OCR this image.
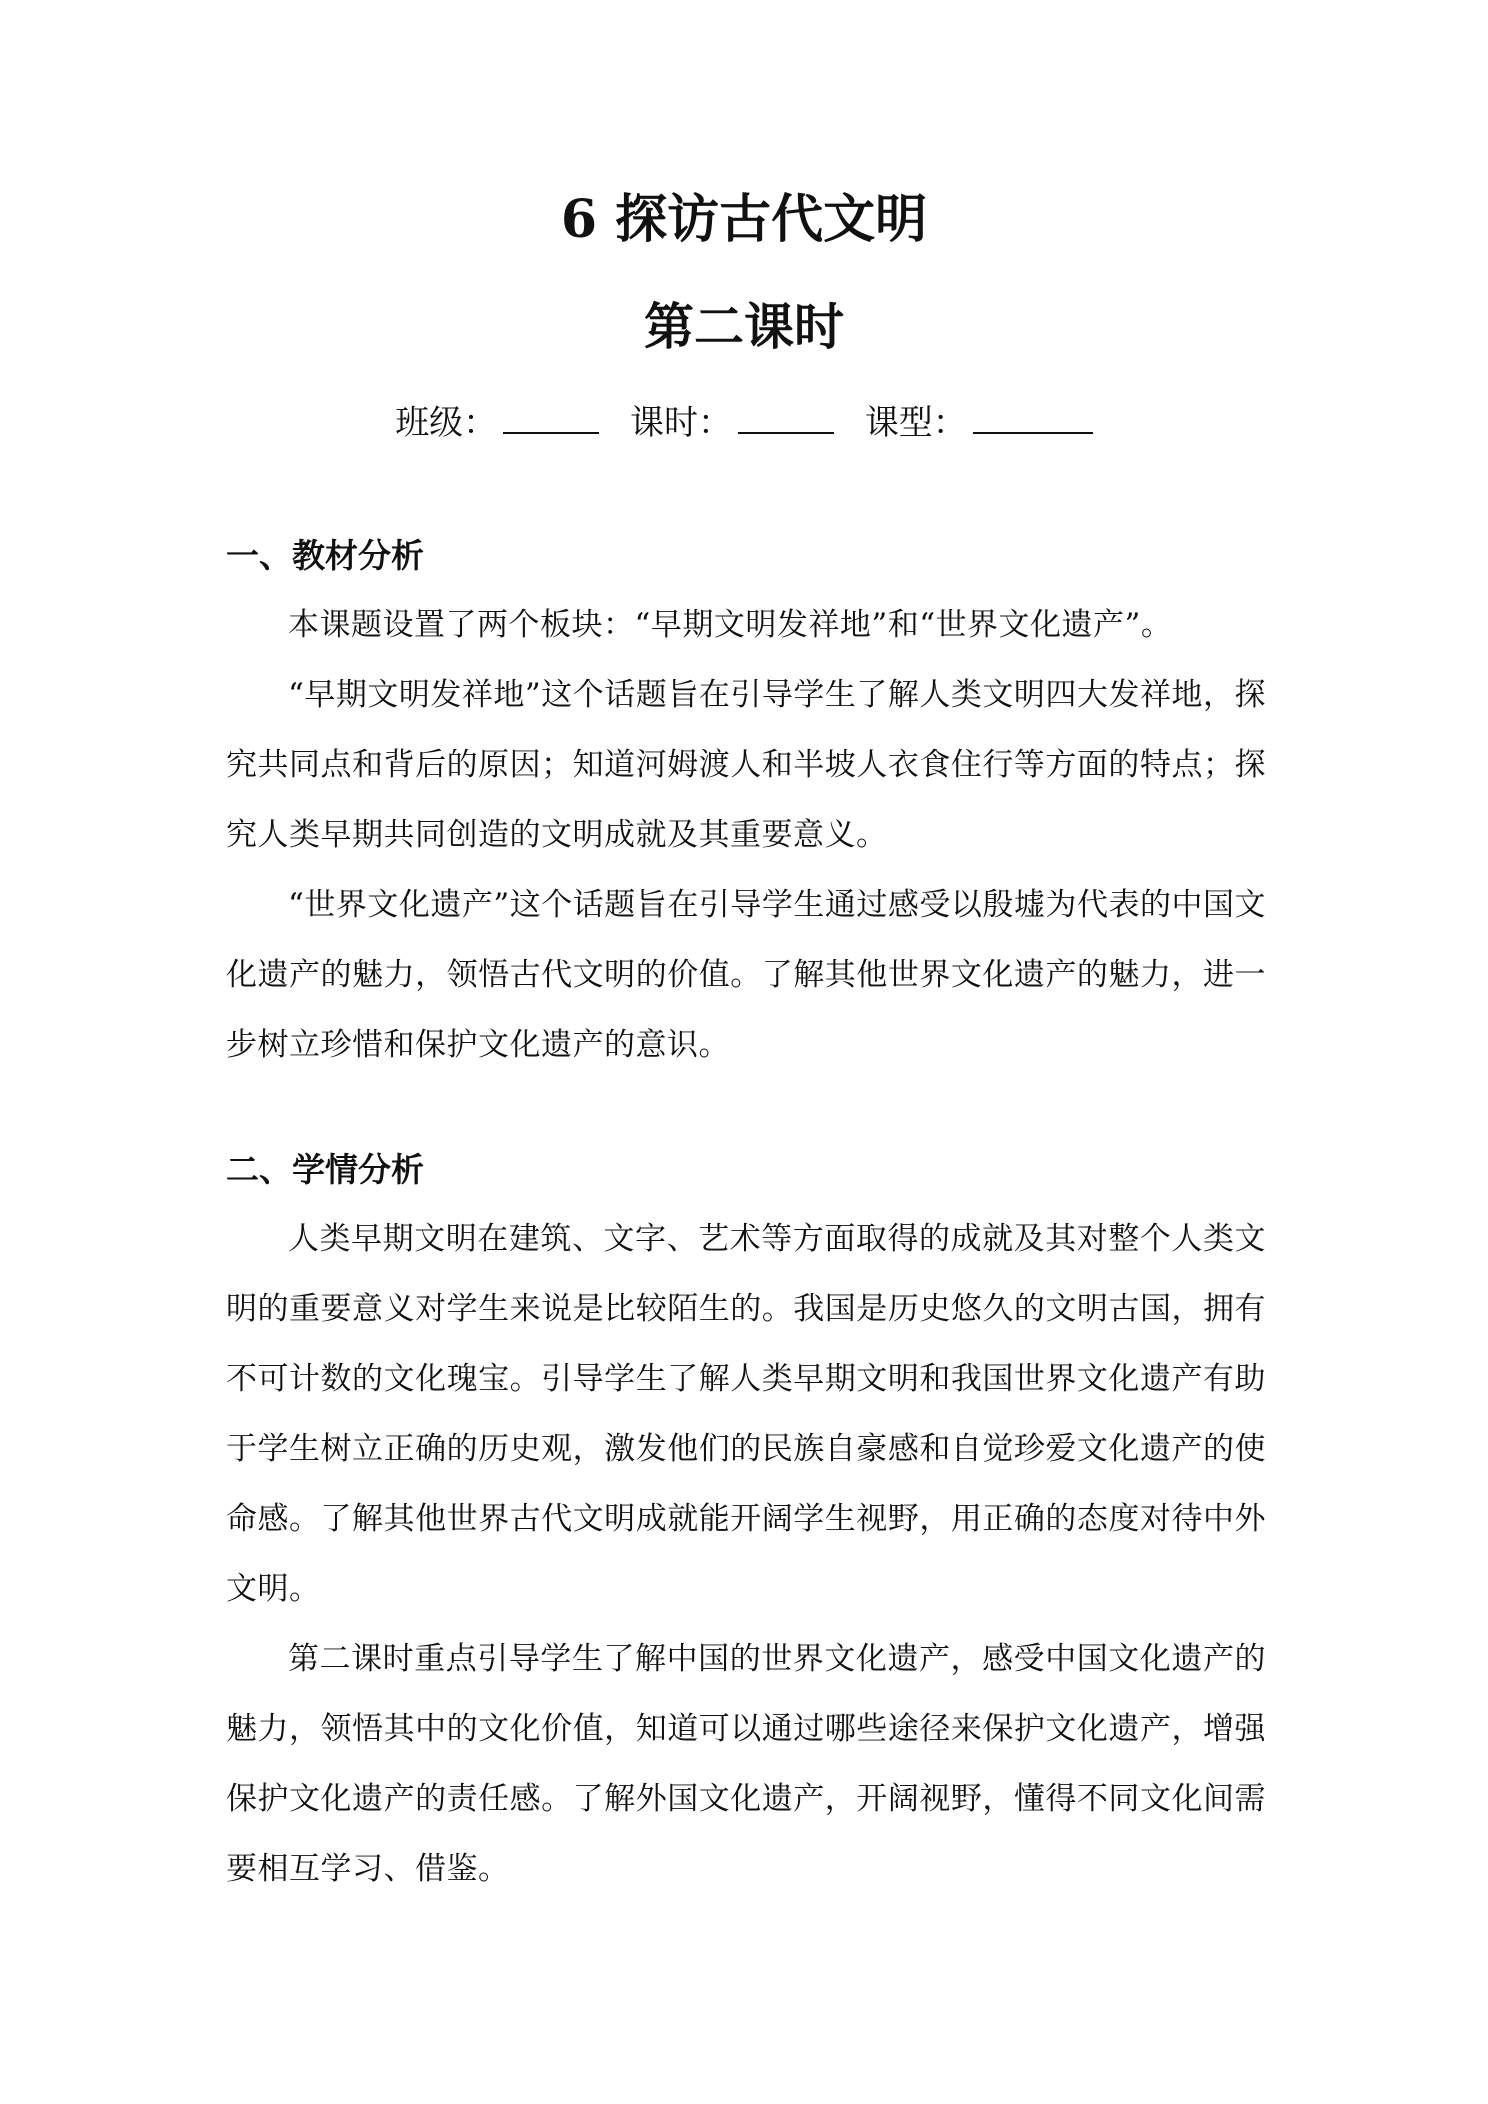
6 探访古代文明
第二课时
班级：	课时：	课型：
一、教材分析

本课题设置了两个板块：“早期文明发祥地”和“世界文化遗产”。

“早期文明发祥地”这个话题旨在引导学生了解人类文明四大发祥地，探究共同点和背后的原因；知道河姆渡人和半坡人衣食住行等方面的特点；探究人类早期共同创造的文明成就及其重要意义。

“世界文化遗产”这个话题旨在引导学生通过感受以殷墟为代表的中国文化遗产的魅力，领悟古代文明的价值。了解其他世界文化遗产的魅力，进一步树立珍惜和保护文化遗产的意识。

二、学情分析

人类早期文明在建筑、文字、艺术等方面取得的成就及其对整个人类文明的重要意义对学生来说是比较陌生的。我国是历史悠久的文明古国，拥有不可计数的文化瑰宝。引导学生了解人类早期文明和我国世界文化遗产有助于学生树立正确的历史观，激发他们的民族自豪感和自觉珍爱文化遗产的使命感。了解其他世界古代文明成就能开阔学生视野，用正确的态度对待中外文明。

第二课时重点引导学生了解中国的世界文化遗产，感受中国文化遗产的魅力，领悟其中的文化价值，知道可以通过哪些途径来保护文化遗产，增强保护文化遗产的责任感。了解外国文化遗产，开阔视野，懂得不同文化间需要相互学习、借鉴。
